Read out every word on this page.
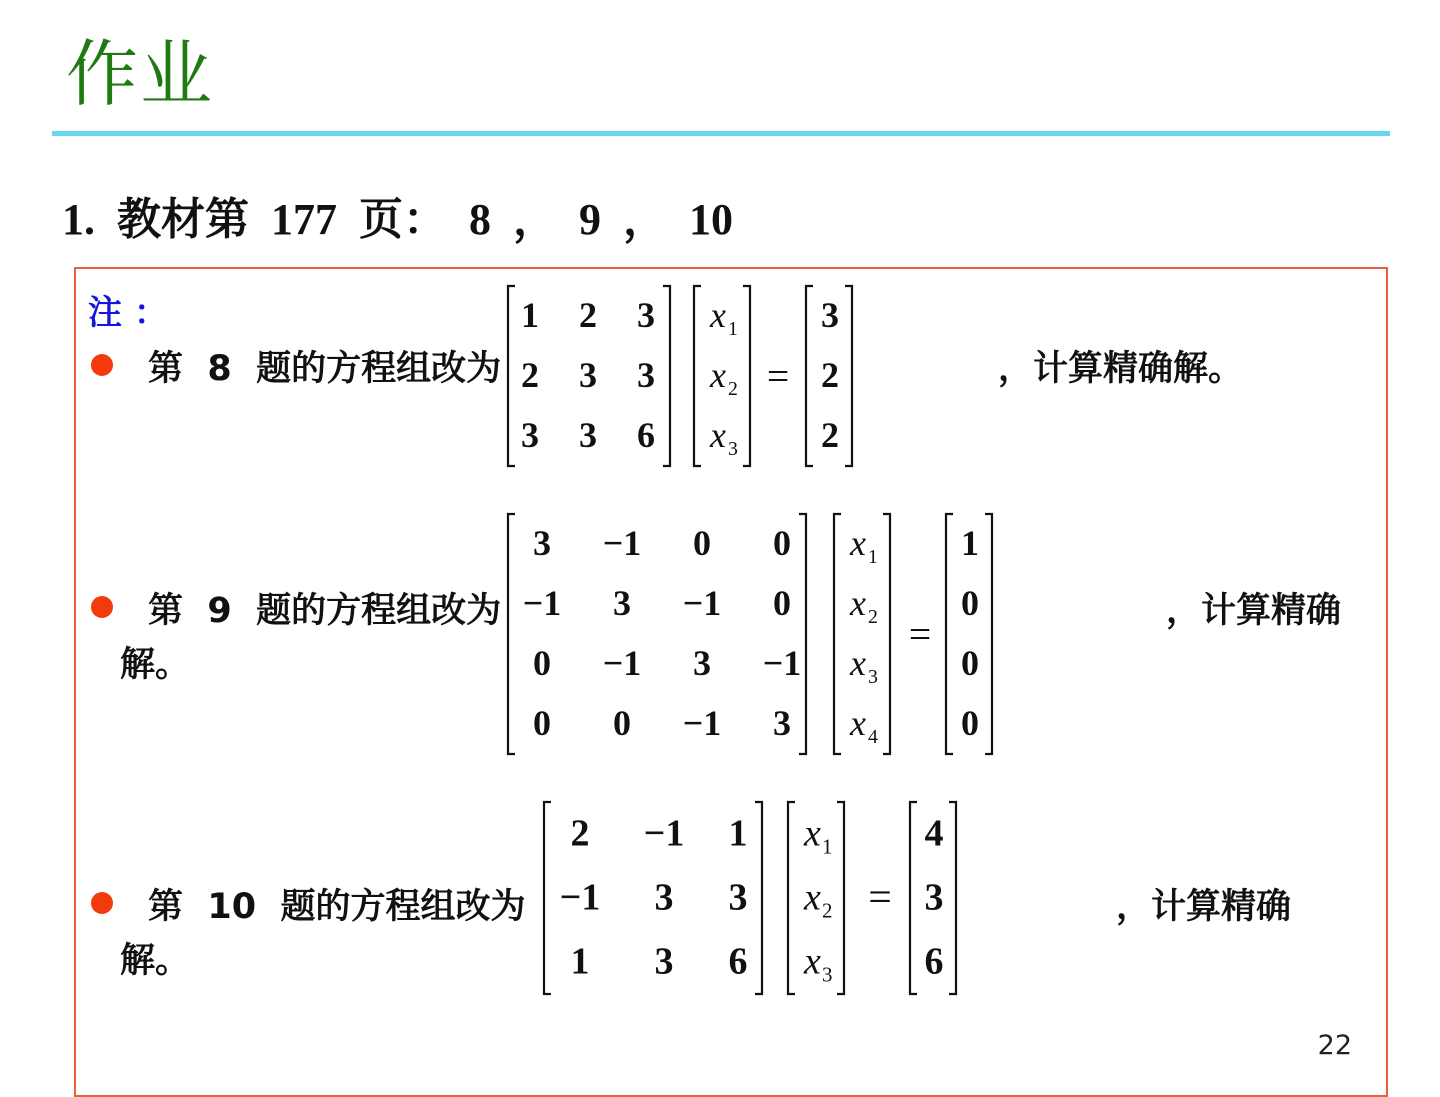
作业
1.  教材第  177  页：  8  ，  9  ，  10
注 ：
第  8  题的方程组改为
1 2 3
2 3 3
3 3 6
x 1
x 2
x 3
=
3
2
2
，计算精确解。
第  9  题的方程组改为
解。
3 −1 0 0
−1 3 −1 0
0 −1 3 −1
0 0 −1 3
x 1
x 2
x 3
x 4
=
1
0
0
0
，计算精确
第  10  题的方程组改为
解。
2 −1 1
−1 3 3
1 3 6
x 1
x 2
x 3
=
4
3
6
，计算精确
22
